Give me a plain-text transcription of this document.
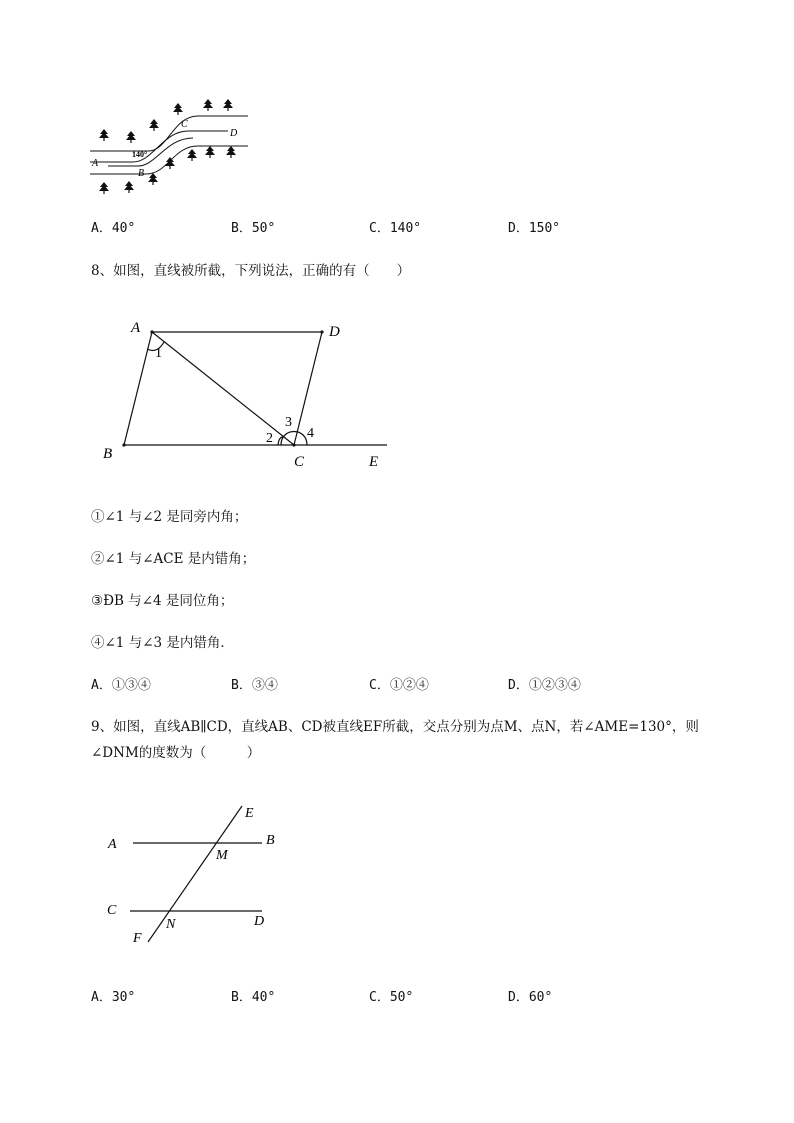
A
B
C
D
140°
A．40°	B．50°	C．140°	D．150°
8、如图，直线被所截，下列说法，正确的有（　　）
A	D
B	C	E
1
2
3
4
①∠1 与∠2 是同旁内角；
②∠1 与∠ACE 是内错角；
③ÐB 与∠4 是同位角；
④∠1 与∠3 是内错角．
A．①③④	B．③④	C．①②④	D．①②③④
9、如图，直线AB∥CD，直线AB、CD被直线EF所截，交点分别为点M、点N，若∠AME=130°，则
∠DNM的度数为（　　　）
A	B
C
D
E
F
M
N
A．30°	B．40°	C．50°	D．60°
